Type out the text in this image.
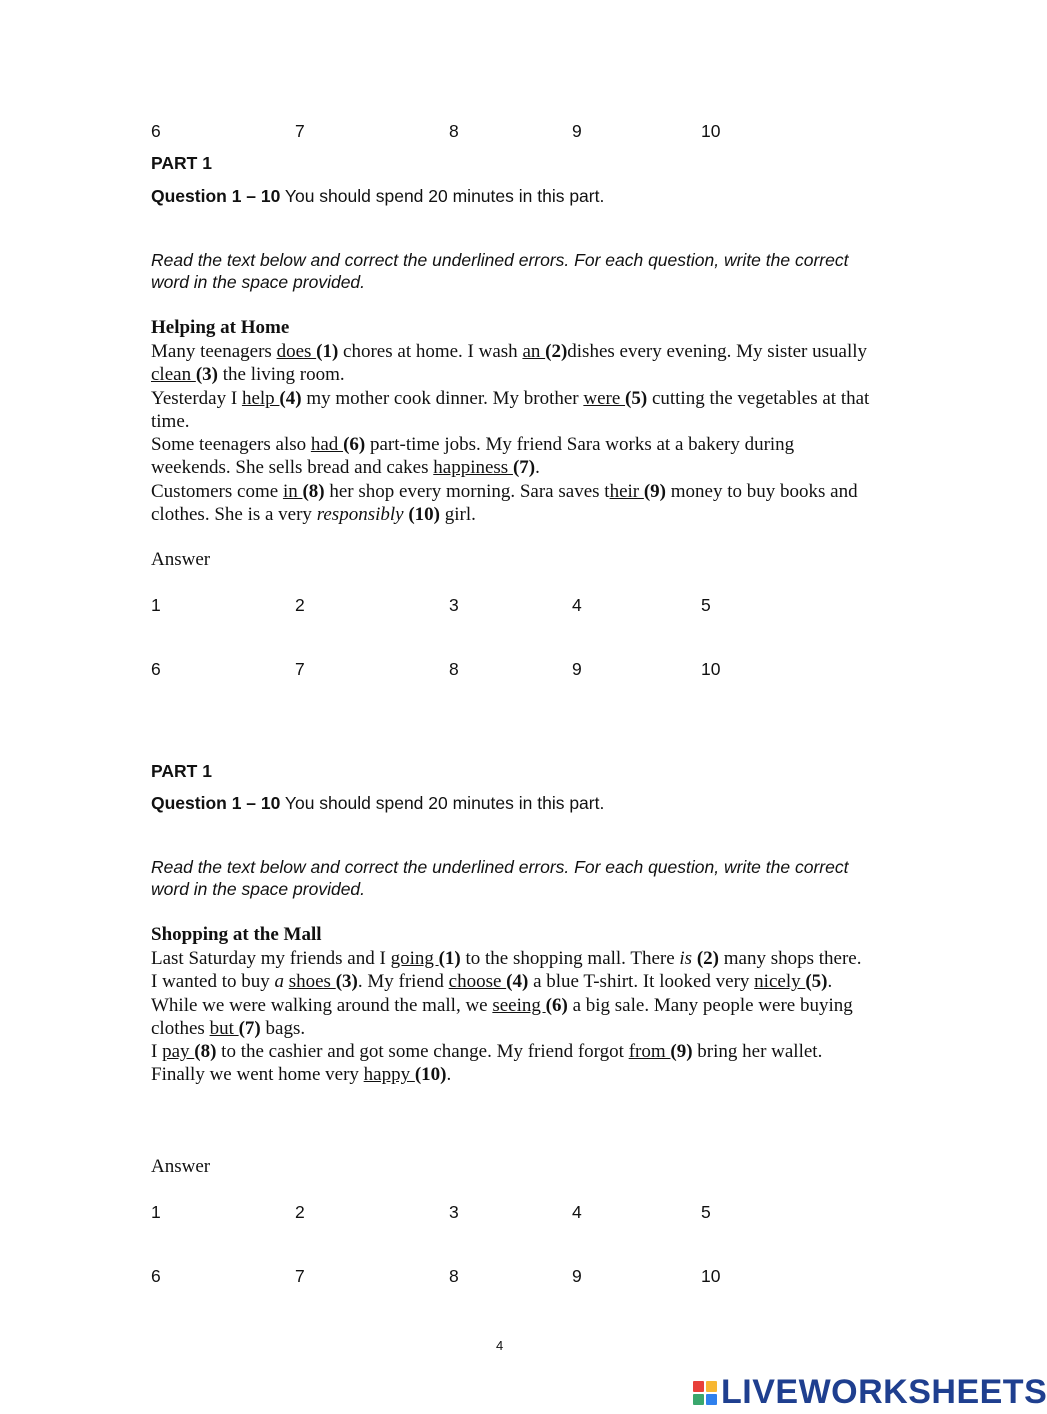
6	7	8	9	10
PART 1
Question 1 – 10 You should spend 20 minutes in this part.
Read the text below and correct the underlined errors. For each question, write the correct word in the space provided.
Helping at Home

Many teenagers does (1) chores at home. I wash an (2)dishes every evening. My sister usually clean (3) the living room.

Yesterday I help (4) my mother cook dinner. My brother were (5) cutting the vegetables at that time.

Some teenagers also had (6) part-time jobs. My friend Sara works at a bakery during weekends. She sells bread and cakes happiness (7).

Customers come in (8) her shop every morning. Sara saves their (9) money to buy books and clothes. She is a very responsibly (10) girl.

Answer
1	2	3	4	5
6	7	8	9	10
PART 1
Question 1 – 10 You should spend 20 minutes in this part.
Read the text below and correct the underlined errors. For each question, write the correct word in the space provided.
Shopping at the Mall

Last Saturday my friends and I going (1) to the shopping mall. There is (2) many shops there.

I wanted to buy a shoes (3). My friend choose (4) a blue T-shirt. It looked very nicely (5).

While we were walking around the mall, we seeing (6) a big sale. Many people were buying clothes but (7) bags.

I pay (8) to the cashier and got some change. My friend forgot from (9) bring her wallet. Finally we went home very happy (10).

Answer
1	2	3	4	5
6	7	8	9	10
4
LIVEWORKSHEETS
